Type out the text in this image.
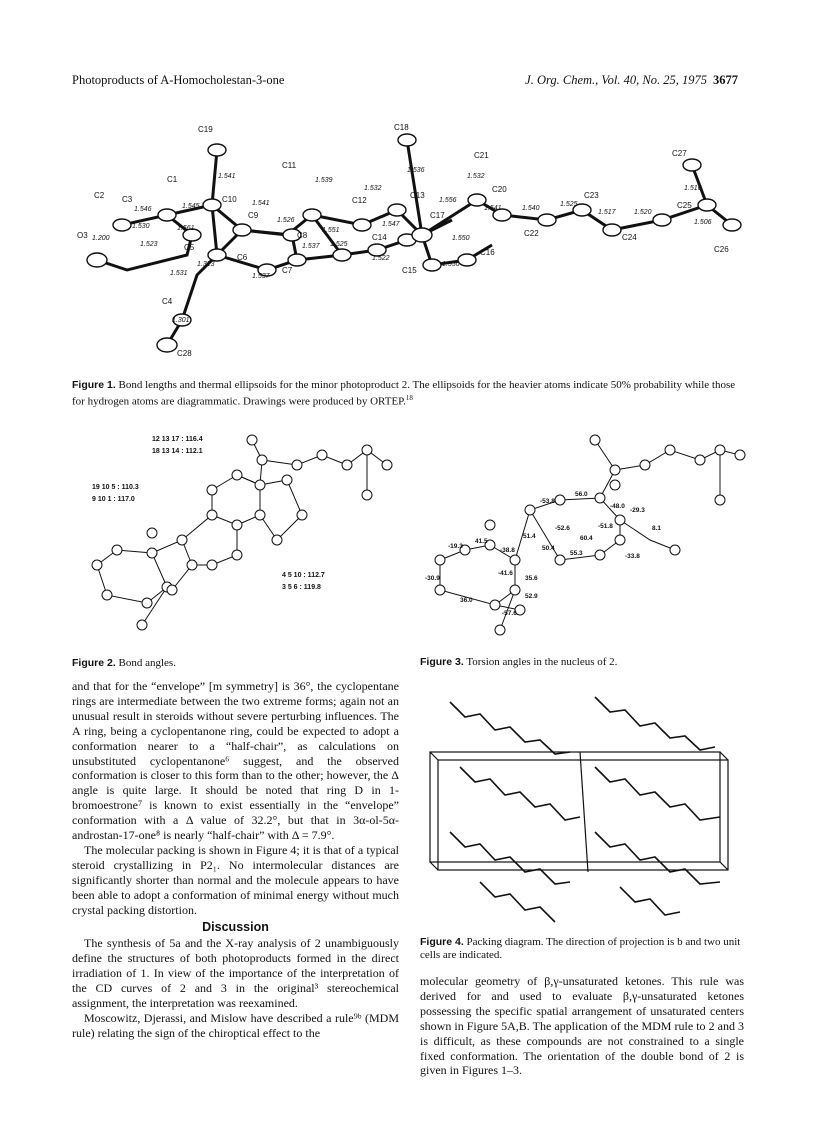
Photoproducts of A-Homocholestan-3-one	J. Org. Chem., Vol. 40, No. 25, 1975 3677
C19	C18
C11
C21	C27
C1
C10
C9
C12
C13
C20
C23
C25
C2 C3
C8	C14
C17
C22	C24
O3
C5
C6
C7	C15
C16	C26
C4
C28
1.541
1.536
1.532
1.516
1.546	1.545	1.541
1.539
1.532
1.556
1.541	1.540
1.525
1.517	1.520
1.506
1.530
1.526
1.551
1.547
1.550
1.200
1.561
1.523	1.537 1.525
1.522
1.550
1.531
1.323
1.537
1.301
Figure 1. Bond lengths and thermal ellipsoids for the minor photoproduct 2. The ellipsoids for the heavier atoms indicate 50% probability while those for hydrogen atoms are diagrammatic. Drawings were produced by ORTEP.$^{18}$
12 13 17 : 116.4
18 13 14 : 112.1
19 10 5 : 110.3
9 10 1 : 117.0
4 5 10 : 112.7
3 5 6 : 119.8
Figure 2. Bond angles.
-19.3
41.5
-38.8
-53.8
56.0
-48.0
-29.3
-30.9
51.4
-52.6
60.4
-33.8
36.0
-57.6
52.9
50.4
35.6
55.3
8.1
-51.8
-41.6
Figure 3. Torsion angles in the nucleus of 2.
Figure 4. Packing diagram. The direction of projection is b and two unit cells are indicated.

and that for the “envelope” [m symmetry] is 36°, the cyclopentane rings are intermediate between the two extreme forms; again not an unusual result in steroids without severe perturbing influences. The A ring, being a cyclopentanone ring, could be expected to adopt a conformation nearer to a “half-chair”, as calculations on unsubstituted cyclopentanone⁶ suggest, and the observed conformation is closer to this form than to the other; however, the Δ angle is quite large. It should be noted that ring D in 1-bromoestrone⁷ is known to exist essentially in the “envelope” conformation with a Δ value of 32.2°, but that in 3α-ol-5α-androstan-17-one⁸ is nearly “half-chair” with Δ = 7.9°.

The molecular packing is shown in Figure 4; it is that of a typical steroid crystallizing in P2₁. No intermolecular distances are significantly shorter than normal and the molecule appears to have been able to adopt a conformation of minimal energy without much crystal packing distortion.

Discussion

The synthesis of 5a and the X-ray analysis of 2 unambiguously define the structures of both photoproducts formed in the direct irradiation of 1. In view of the importance of the interpretation of the CD curves of 2 and 3 in the original³ stereochemical assignment, the interpretation was reexamined.

Moscowitz, Djerassi, and Mislow have described a rule⁹ᵇ (MDM rule) relating the sign of the chiroptical effect to the

molecular geometry of β,γ-unsaturated ketones. This rule was derived for and used to evaluate β,γ-unsaturated ketones possessing the specific spatial arrangement of unsaturated centers shown in Figure 5A,B. The application of the MDM rule to 2 and 3 is difficult, as these compounds are not constrained to a single fixed conformation. The orientation of the double bond of 2 is given in Figures 1–3.
